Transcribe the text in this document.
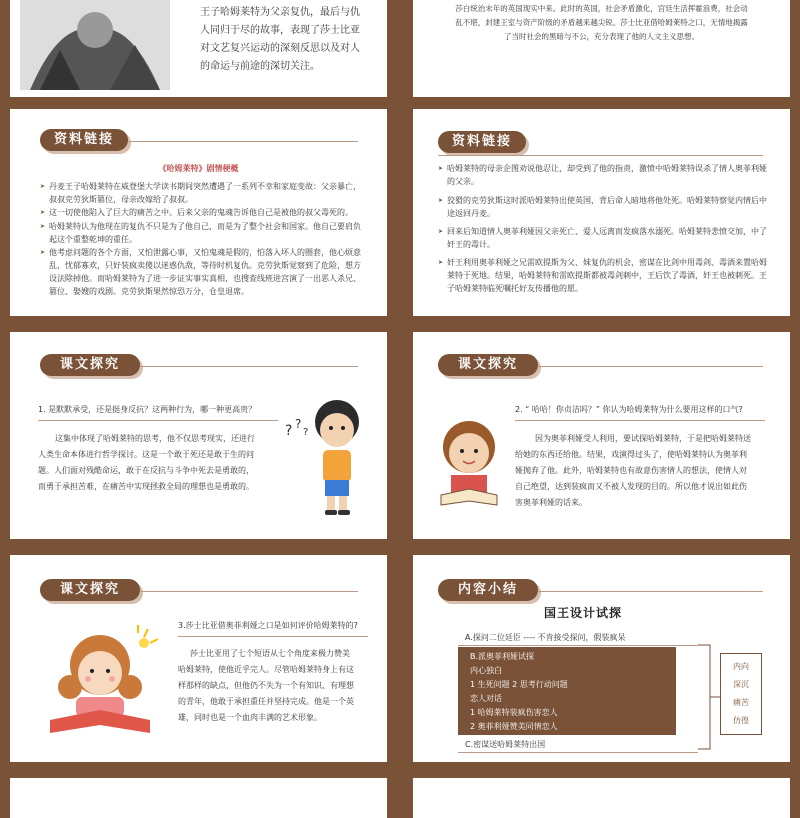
王子哈姆莱特为父亲复仇，最后与仇
人同归于尽的故事，表现了莎士比亚
对文艺复兴运动的深刻反思以及对人
的命运与前途的深切关注。
莎白统治末年的英国现实中来。此时的英国，社会矛盾激化，宫廷生活挥霍浪费，社会动
乱不堪，封建王室与资产阶级的矛盾越来越尖锐。莎士比亚借哈姆莱特之口，无情地揭露
了当时社会的黑暗与不公，充分表现了他的人文主义思想。
资料链接
《哈姆莱特》剧情梗概
➤ 丹麦王子哈姆莱特在威登堡大学读书期间突然遭遇了一系列不幸和家庭变故：父亲暴亡，叔叔克劳狄斯篡位，母亲改嫁给了叔叔。
➤ 这一切使他陷入了巨大的痛苦之中。后来父亲的鬼魂告诉他自己是被他的叔父毒死的。
➤ 哈姆莱特认为他现在的复仇不只是为了他自己，而是为了整个社会和国家。他自己要肩负起这个重整乾坤的重任。
➤ 他考虑问题的各个方面，又怕泄露心事，又怕鬼魂是假的，怕落入坏人的圈套，他心烦意乱，忧郁寡欢，只好装疯卖傻以迷惑仇敌，等待时机复仇。克劳狄斯觉察到了危险，想方设法除掉他。而哈姆莱特为了进一步证实事实真相，也搜查线班进宫演了一出恶人杀兄、篡位、娶嫂的戏剧。克劳狄斯果然惊恐万分，仓皇退席。
资料链接
➤ 哈姆莱特的母亲企图劝说他忍让，却受到了他的指责，激愤中哈姆莱特误杀了情人奥菲利娅的父亲。
➤ 狡猾的克劳狄斯这时派哈姆莱特出使英国，背后命人暗地将他处死。哈姆莱特察觉内情后中途返回丹麦。
➤ 回来后知道情人奥菲利娅因父亲死亡、爱人远离而发疯落水溺死。哈姆莱特悲愤交加，中了奸王的毒计。
➤ 奸王利用奥菲利娅之兄雷欧提斯为父、妹复仇的机会，密谋在比剑中用毒剑、毒酒来置哈姆莱特于死地。结果，哈姆莱特和雷欧提斯都被毒剑刺中，王后饮了毒酒，奸王也被刺死。王子哈姆莱特临死嘱托好友传播他的愿。
课文探究
1. 是默默承受，还是挺身反抗？这两种行为，哪一种更高贵？
这集中体现了哈姆莱特的思考，他不仅思考现实，还进行
人类生命本体进行哲学探讨。这是一个敢于死还是敢于生的问
题。人们面对残酷命运，敢于在反抗与斗争中死去是勇敢的，
而勇于承担苦难，在痛苦中实现拯救全局的理想也是勇敢的。
? ?
?
课文探究
2. “ 哈哈！你贞洁吗？” 你认为哈姆莱特为什么要用这样的口气?
因为奥菲利娅受人利用，要试探哈姆莱特，于是把哈姆莱特送
给她的东西还给他。结果，戏演得过头了，使哈姆莱特认为奥菲利
娅抛弃了他。此外，哈姆莱特也有故意伤害情人的想法，使情人对
自己绝望，达到装疯而又不被人发现的目的。所以他才说出如此伤
害奥菲利娅的话来。
课文探究
3.莎士比亚借奥菲利娅之口是如何评价哈姆莱特的?
莎士比亚用了七个短语从七个角度来极力赞美
哈姆莱特，使他近乎完人。尽管哈姆莱特身上有这
样那样的缺点，但他仍不失为一个有知识、有理想
的青年，他敢于承担重任并坚持完成。他是一个英
雄，同时也是一个血肉丰满的艺术形象。
内容小结
国王设计试探
A.探问二位廷臣 ---- 不肯接受探问，假装疯呆
B.派奥菲利娅试探
内心独白
1 生死问题 2 思考行动问题
恋人对话
1 哈姆莱特装疯伤害恋人
2 奥菲利娅赞美同情恋人
C.密谋送哈姆莱特出国
内向
深沉
痛苦
仿徨
